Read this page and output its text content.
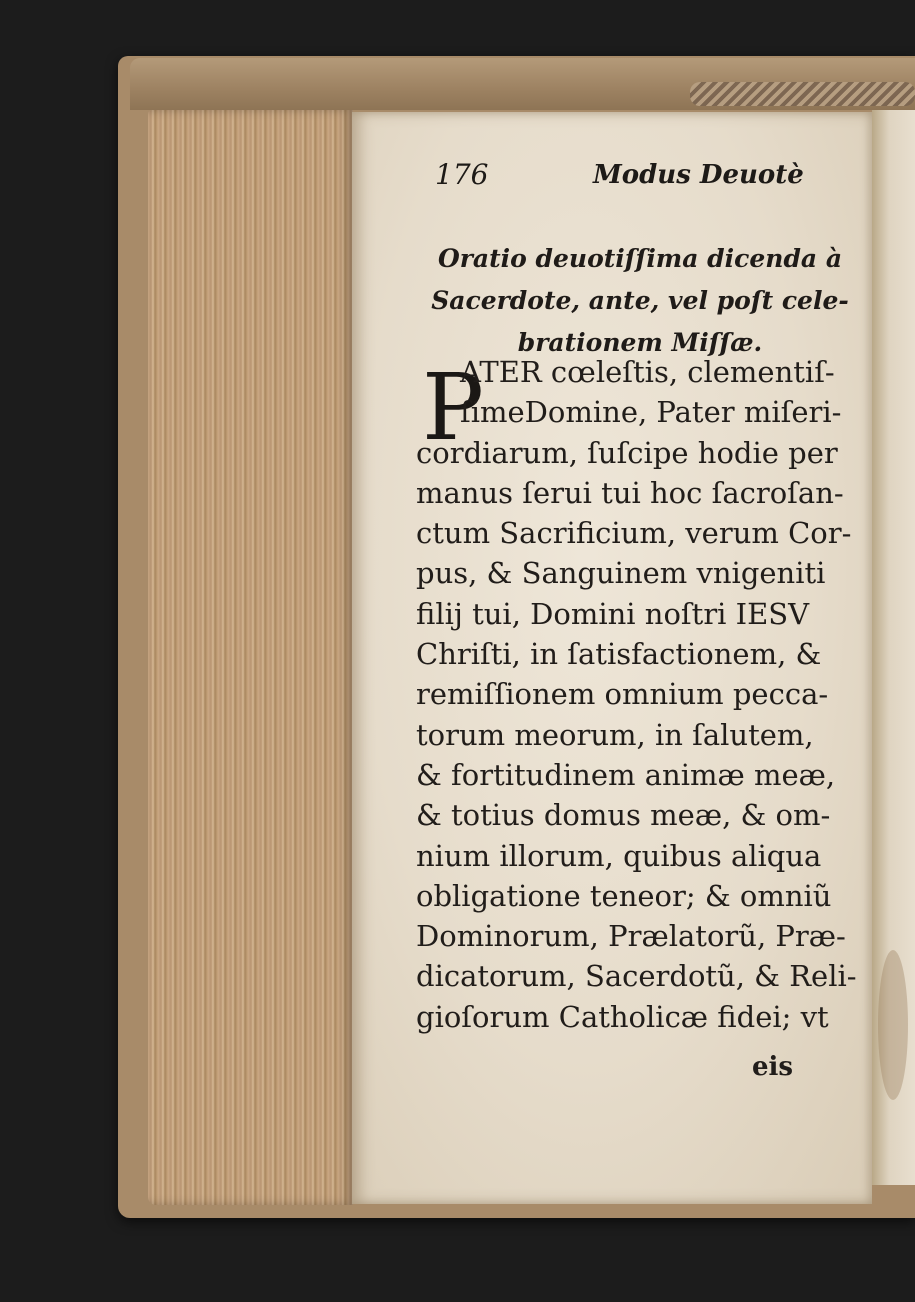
176	Modus Deuotè
Oratio deuotiſſima dicenda à
Sacerdote, ante, vel poſt cele-
brationem Miſſæ.
P
ATER cœleſtis, clementiſ-
ſimeDomine, Pater miſeri-
cordiarum, ſuſcipe hodie per
manus ſerui tui hoc ſacroſan-
ctum Sacrificium, verum Cor-
pus, & Sanguinem vnigeniti
filij tui, Domini noſtri IESV
Chriſti, in ſatisfactionem, &
remiſſionem omnium pecca-
torum meorum, in ſalutem,
& fortitudinem animæ meæ,
& totius domus meæ, & om-
nium illorum, quibus aliqua
obligatione teneor; & omniũ
Dominorum, Prælatorũ, Præ-
dicatorum, Sacerdotũ, & Reli-
gioſorum Catholicæ fidei; vt
eis
